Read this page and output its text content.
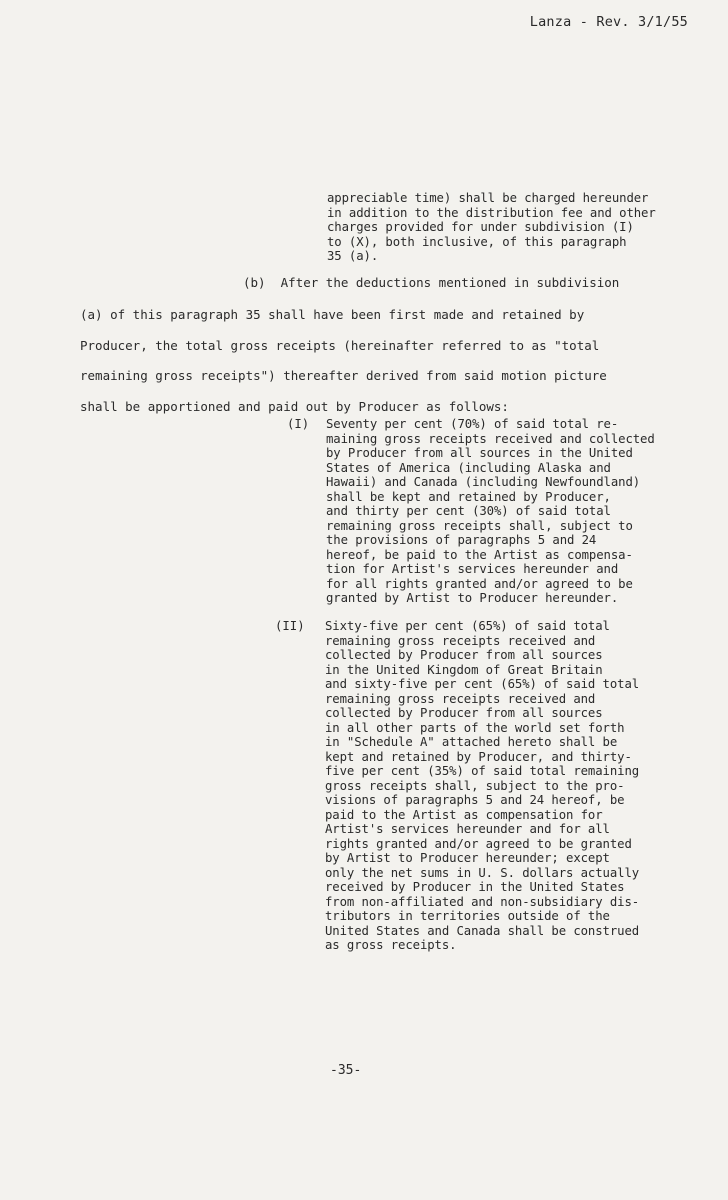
Lanza - Rev. 3/1/55
appreciable time) shall be charged hereunder
in addition to the distribution fee and other
charges provided for under subdivision (I)
to (X), both inclusive, of this paragraph
35 (a).
(b) After the deductions mentioned in subdivision
(a) of this paragraph 35 shall have been first made and retained by
Producer, the total gross receipts (hereinafter referred to as "total
remaining gross receipts") thereafter derived from said motion picture
shall be apportioned and paid out by Producer as follows:
(I) Seventy per cent (70%) of said total re-
maining gross receipts received and collected
by Producer from all sources in the United
States of America (including Alaska and
Hawaii) and Canada (including Newfoundland)
shall be kept and retained by Producer,
and thirty per cent (30%) of said total
remaining gross receipts shall, subject to
the provisions of paragraphs 5 and 24
hereof, be paid to the Artist as compensa-
tion for Artist's services hereunder and
for all rights granted and/or agreed to be
granted by Artist to Producer hereunder.
(II) Sixty-five per cent (65%) of said total
remaining gross receipts received and
collected by Producer from all sources
in the United Kingdom of Great Britain
and sixty-five per cent (65%) of said total
remaining gross receipts received and
collected by Producer from all sources
in all other parts of the world set forth
in "Schedule A" attached hereto shall be
kept and retained by Producer, and thirty-
five per cent (35%) of said total remaining
gross receipts shall, subject to the pro-
visions of paragraphs 5 and 24 hereof, be
paid to the Artist as compensation for
Artist's services hereunder and for all
rights granted and/or agreed to be granted
by Artist to Producer hereunder; except
only the net sums in U. S. dollars actually
received by Producer in the United States
from non-affiliated and non-subsidiary dis-
tributors in territories outside of the
United States and Canada shall be construed
as gross receipts.
-35-
